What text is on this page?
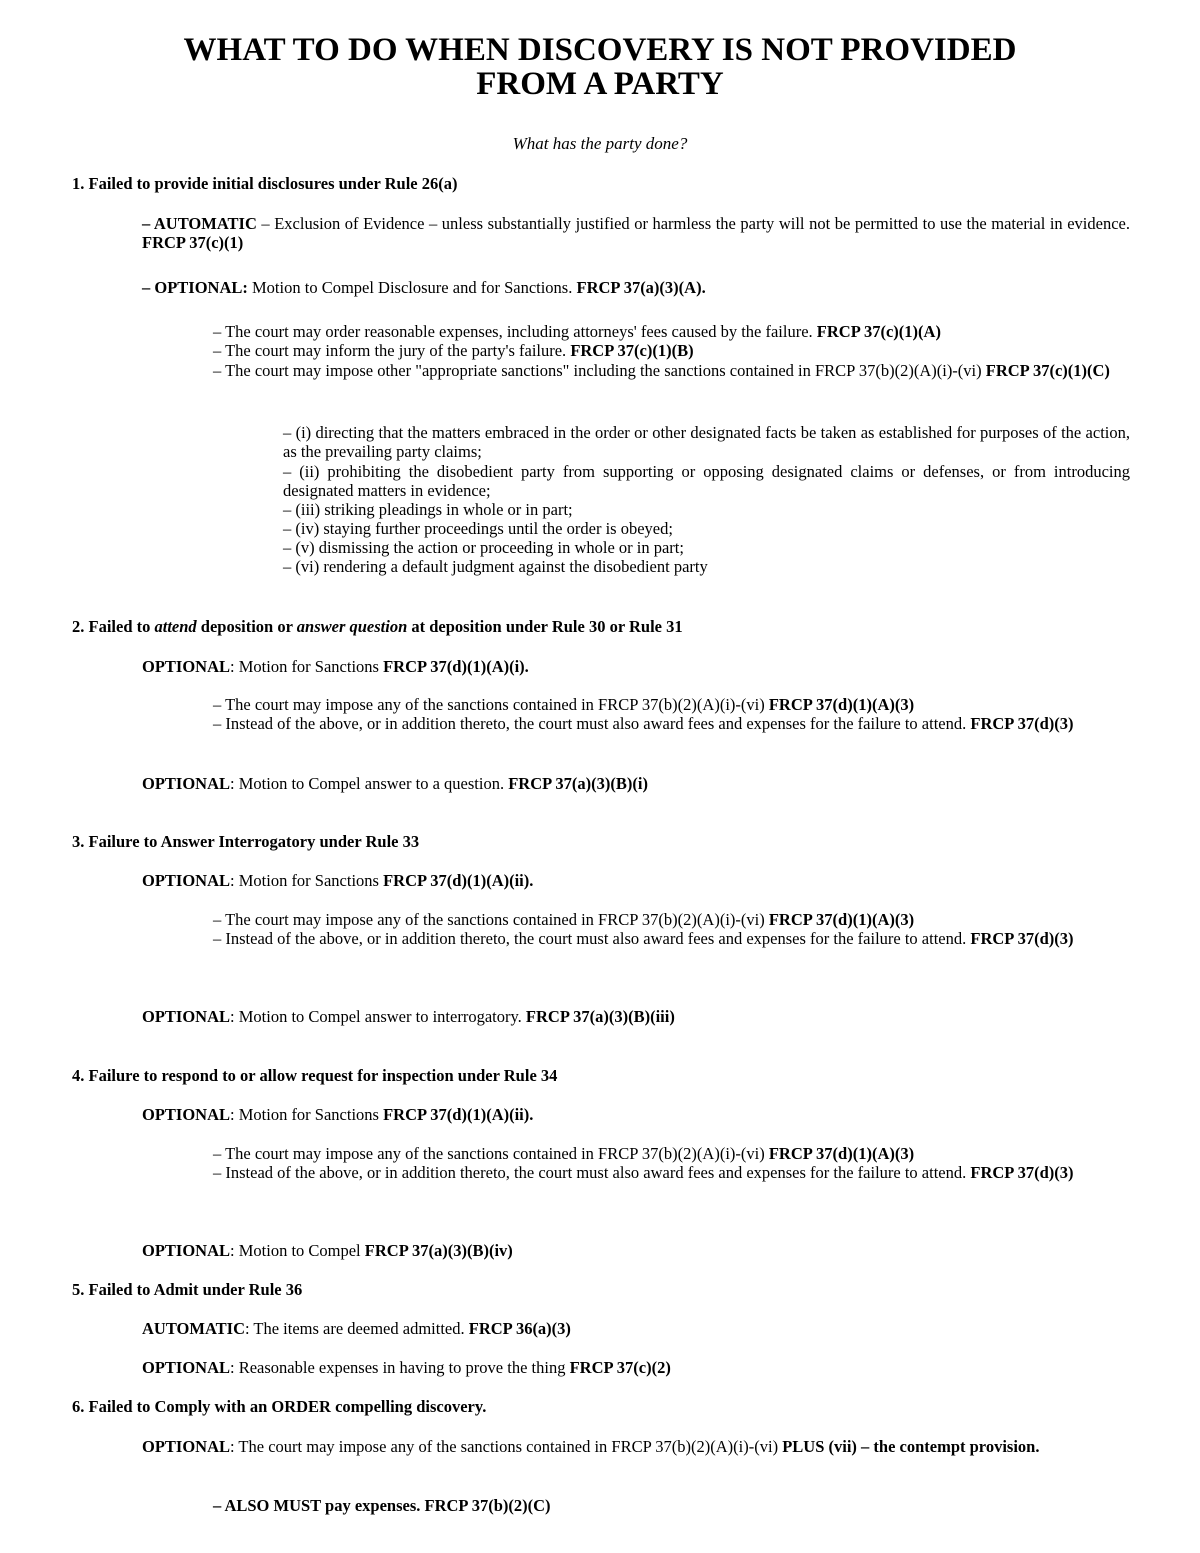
WHAT TO DO WHEN DISCOVERY IS NOT PROVIDED
FROM A PARTY
What has the party done?
1. Failed to provide initial disclosures under Rule 26(a)
– AUTOMATIC – Exclusion of Evidence – unless substantially justified or harmless the party will not be permitted to use the material in evidence. FRCP 37(c)(1)
– OPTIONAL: Motion to Compel Disclosure and for Sanctions. FRCP 37(a)(3)(A).
– The court may order reasonable expenses, including attorneys' fees caused by the failure. FRCP 37(c)(1)(A)
– The court may inform the jury of the party's failure. FRCP 37(c)(1)(B)
– The court may impose other "appropriate sanctions" including the sanctions contained in FRCP 37(b)(2)(A)(i)-(vi) FRCP 37(c)(1)(C)
– (i) directing that the matters embraced in the order or other designated facts be taken as established for purposes of the action, as the prevailing party claims;
– (ii) prohibiting the disobedient party from supporting or opposing designated claims or defenses, or from introducing designated matters in evidence;
– (iii) striking pleadings in whole or in part;
– (iv) staying further proceedings until the order is obeyed;
– (v) dismissing the action or proceeding in whole or in part;
– (vi) rendering a default judgment against the disobedient party
2. Failed to attend deposition or answer question at deposition under Rule 30 or Rule 31
OPTIONAL: Motion for Sanctions FRCP 37(d)(1)(A)(i).
– The court may impose any of the sanctions contained in FRCP 37(b)(2)(A)(i)-(vi) FRCP 37(d)(1)(A)(3)
– Instead of the above, or in addition thereto, the court must also award fees and expenses for the failure to attend. FRCP 37(d)(3)
OPTIONAL: Motion to Compel answer to a question. FRCP 37(a)(3)(B)(i)
3. Failure to Answer Interrogatory under Rule 33
OPTIONAL: Motion for Sanctions FRCP 37(d)(1)(A)(ii).
– The court may impose any of the sanctions contained in FRCP 37(b)(2)(A)(i)-(vi) FRCP 37(d)(1)(A)(3)
– Instead of the above, or in addition thereto, the court must also award fees and expenses for the failure to attend. FRCP 37(d)(3)
OPTIONAL: Motion to Compel answer to interrogatory. FRCP 37(a)(3)(B)(iii)
4. Failure to respond to or allow request for inspection under Rule 34
OPTIONAL: Motion for Sanctions FRCP 37(d)(1)(A)(ii).
– The court may impose any of the sanctions contained in FRCP 37(b)(2)(A)(i)-(vi) FRCP 37(d)(1)(A)(3)
– Instead of the above, or in addition thereto, the court must also award fees and expenses for the failure to attend. FRCP 37(d)(3)
OPTIONAL: Motion to Compel FRCP 37(a)(3)(B)(iv)
5. Failed to Admit under Rule 36
AUTOMATIC: The items are deemed admitted. FRCP 36(a)(3)
OPTIONAL: Reasonable expenses in having to prove the thing FRCP 37(c)(2)
6. Failed to Comply with an ORDER compelling discovery.
OPTIONAL: The court may impose any of the sanctions contained in FRCP 37(b)(2)(A)(i)-(vi) PLUS (vii) – the contempt provision.
– ALSO MUST pay expenses. FRCP 37(b)(2)(C)
